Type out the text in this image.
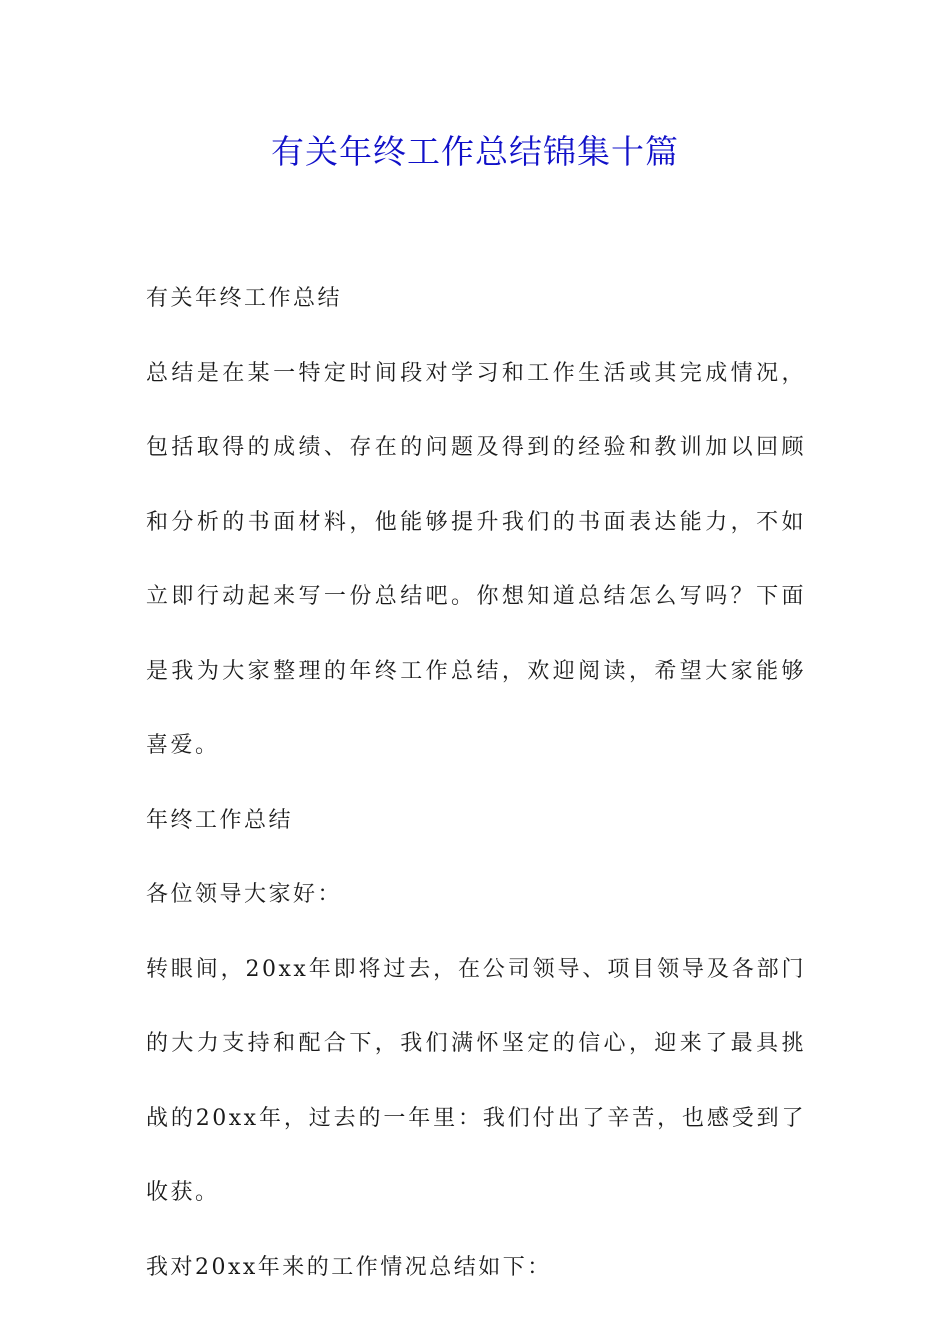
有关年终工作总结锦集十篇

有关年终工作总结

总结是在某一特定时间段对学习和工作生活或其完成情况，包括取得的成绩、存在的问题及得到的经验和教训加以回顾和分析的书面材料，他能够提升我们的书面表达能力，不如立即行动起来写一份总结吧。你想知道总结怎么写吗？下面是我为大家整理的年终工作总结，欢迎阅读，希望大家能够喜爱。

年终工作总结

各位领导大家好：

转眼间，20xx年即将过去，在公司领导、项目领导及各部门的大力支持和配合下，我们满怀坚定的信心，迎来了最具挑战的20xx年，过去的一年里：我们付出了辛苦，也感受到了收获。

我对20xx年来的工作情况总结如下：
